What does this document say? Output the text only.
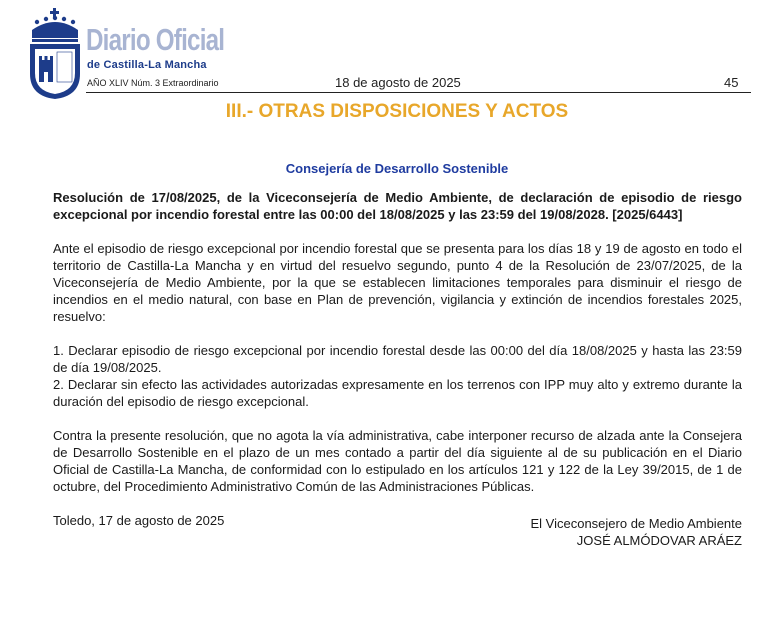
Diario Oficial
de Castilla-La Mancha
AÑO XLIV Núm. 3 Extraordinario	18 de agosto de 2025	45
III.- OTRAS DISPOSICIONES Y ACTOS
Consejería de Desarrollo Sostenible

Resolución de 17/08/2025, de la Viceconsejería de Medio Ambiente, de declaración de episodio de riesgo excepcional por incendio forestal entre las 00:00 del 18/08/2025 y las 23:59 del 19/08/2028. [2025/6443]

Ante el episodio de riesgo excepcional por incendio forestal que se presenta para los días 18 y 19 de agosto en todo el territorio de Castilla-La Mancha y en virtud del resuelvo segundo, punto 4 de la Resolución de 23/07/2025, de la Viceconsejería de Medio Ambiente, por la que se establecen limitaciones temporales para disminuir el riesgo de incendios en el medio natural, con base en Plan de prevención, vigilancia y extinción de incendios forestales 2025, resuelvo:

1. Declarar episodio de riesgo excepcional por incendio forestal desde las 00:00 del día 18/08/2025 y hasta las 23:59 de día 19/08/2025.

2. Declarar sin efecto las actividades autorizadas expresamente en los terrenos con IPP muy alto y extremo durante la duración del episodio de riesgo excepcional.

Contra la presente resolución, que no agota la vía administrativa, cabe interponer recurso de alzada ante la Consejera de Desarrollo Sostenible en el plazo de un mes contado a partir del día siguiente al de su publicación en el Diario Oficial de Castilla-La Mancha, de conformidad con lo estipulado en los artículos 121 y 122 de la Ley 39/2015, de 1 de octubre, del Procedimiento Administrativo Común de las Administraciones Públicas.

Toledo, 17 de agosto de 2025	El Viceconsejero de Medio Ambiente
JOSÉ ALMÓDOVAR ARÁEZ
